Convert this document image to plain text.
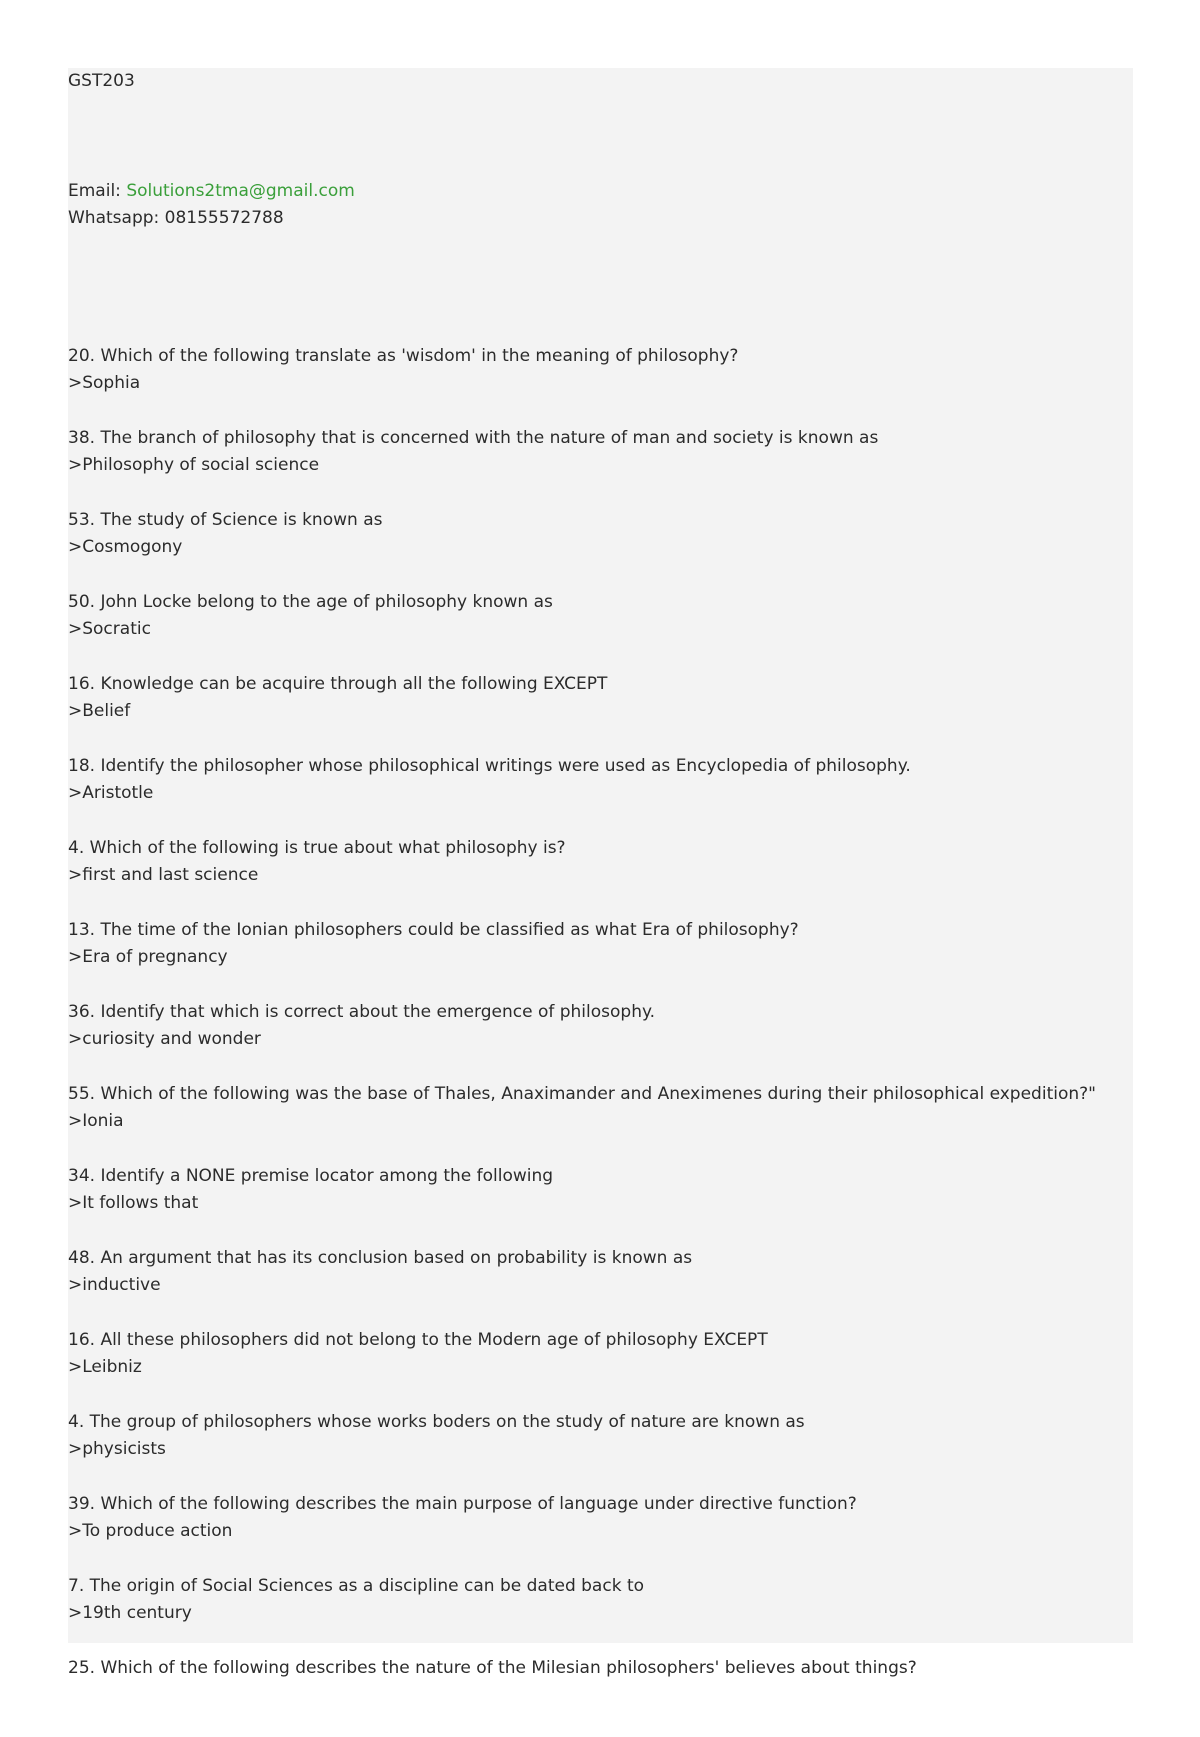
GST203
Email: Solutions2tma@gmail.com
Whatsapp: 08155572788

20. Which of the following translate as 'wisdom' in the meaning of philosophy?

>Sophia

38. The branch of philosophy that is concerned with the nature of man and society is known as

>Philosophy of social science

53. The study of Science is known as

>Cosmogony

50. John Locke belong to the age of philosophy known as

>Socratic

16. Knowledge can be acquire through all the following EXCEPT

>Belief

18. Identify the philosopher whose philosophical writings were used as Encyclopedia of philosophy.

>Aristotle

4. Which of the following is true about what philosophy is?

>first and last science

13. The time of the Ionian philosophers could be classified as what Era of philosophy?

>Era of pregnancy

36. Identify that which is correct about the emergence of philosophy.

>curiosity and wonder

55. Which of the following was the base of Thales, Anaximander and Aneximenes during their philosophical expedition?"

>Ionia

34. Identify a NONE premise locator among the following

>It follows that

48. An argument that has its conclusion based on probability is known as

>inductive

16. All these philosophers did not belong to the Modern age of philosophy EXCEPT

>Leibniz

4. The group of philosophers whose works boders on the study of nature are known as

>physicists

39. Which of the following describes the main purpose of language under directive function?

>To produce action

7. The origin of Social Sciences as a discipline can be dated back to

>19th century

25. Which of the following describes the nature of the Milesian philosophers' believes about things?
